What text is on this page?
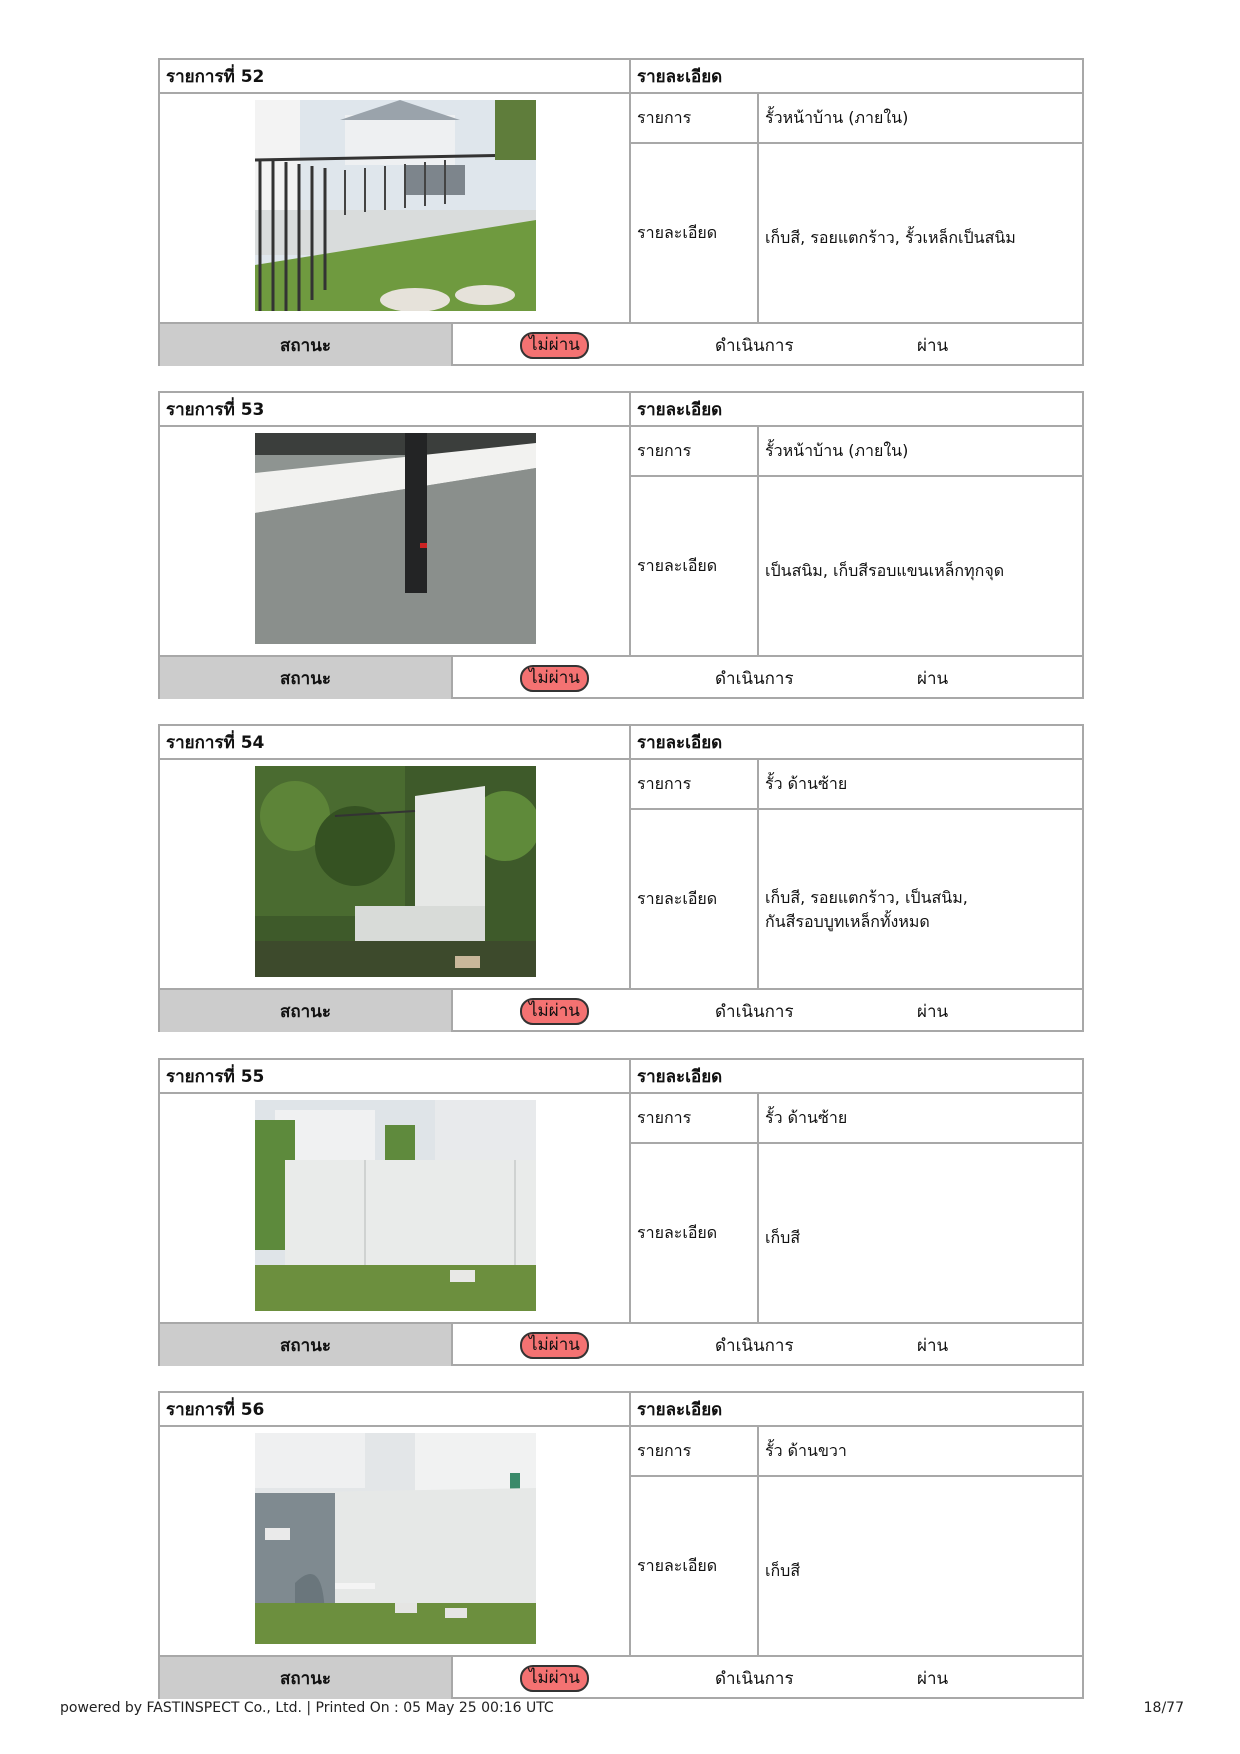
รายการที่ 52	รายละเอียด
รายการ	รั้วหน้าบ้าน (ภายใน)
รายละเอียด	เก็บสี, รอยแตกร้าว, รั้วเหล็กเป็นสนิม
สถานะ	ไม่ผ่าน	ดำเนินการ	ผ่าน
รายการที่ 53	รายละเอียด
รายการ	รั้วหน้าบ้าน (ภายใน)
รายละเอียด	เป็นสนิม, เก็บสีรอบแขนเหล็กทุกจุด
สถานะ	ไม่ผ่าน	ดำเนินการ	ผ่าน
รายการที่ 54	รายละเอียด
รายการ	รั้ว ด้านซ้าย
รายละเอียด	เก็บสี, รอยแตกร้าว, เป็นสนิม,
กันสีรอบบูทเหล็กทั้งหมด
สถานะ	ไม่ผ่าน	ดำเนินการ	ผ่าน
รายการที่ 55	รายละเอียด
รายการ	รั้ว ด้านซ้าย
รายละเอียด	เก็บสี
สถานะ	ไม่ผ่าน	ดำเนินการ	ผ่าน
รายการที่ 56	รายละเอียด
รายการ	รั้ว ด้านขวา
รายละเอียด	เก็บสี
สถานะ	ไม่ผ่าน	ดำเนินการ	ผ่าน
powered by FASTINSPECT Co., Ltd. | Printed On : 05 May 25 00:16 UTC	18/77
